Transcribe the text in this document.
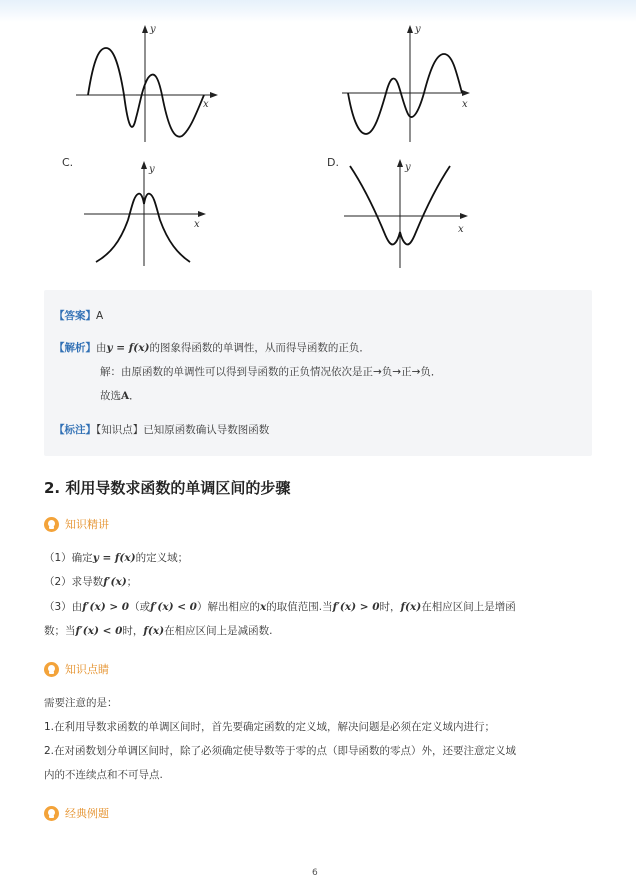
y
x
y
x
C.	D.
y
x
y
x
【答案】A
【解析】由y = f(x)的图象得函数的单调性，从而得导函数的正负．
解：由原函数的单调性可以得到导函数的正负情况依次是正→负→正→负．
故选A．
【标注】【知识点】已知原函数确认导数图函数
2. 利用导数求函数的单调区间的步骤
知识精讲
（1）确定y = f(x)的定义域；
（2）求导数f′(x)；
（3）由f′(x) > 0（或f′(x) < 0）解出相应的x的取值范围.当f′(x) > 0时，f(x)在相应区间上是增函
数；当f′(x) < 0时，f(x)在相应区间上是减函数.
知识点睛
需要注意的是：
1.在利用导数求函数的单调区间时，首先要确定函数的定义域，解决问题是必须在定义域内进行；
2.在对函数划分单调区间时，除了必须确定使导数等于零的点（即导函数的零点）外，还要注意定义域
内的不连续点和不可导点.
经典例题
6
